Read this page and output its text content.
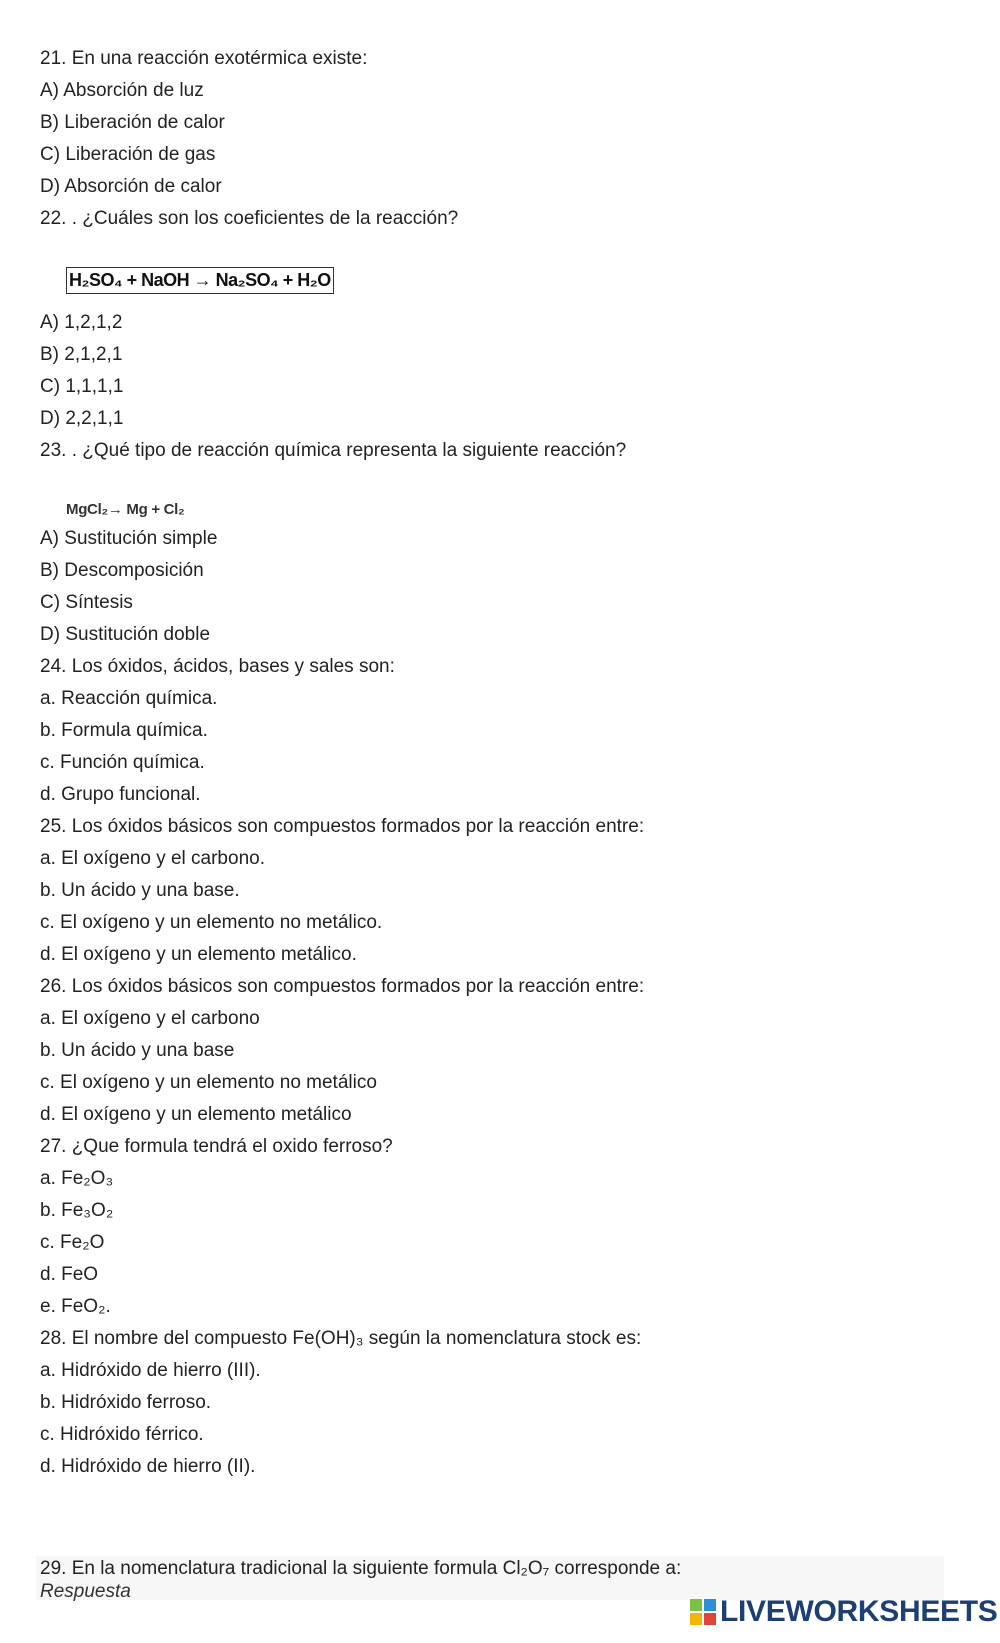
21. En una reacción exotérmica existe:
A) Absorción de luz
B) Liberación de calor
C) Liberación de gas
D) Absorción de calor
22. . ¿Cuáles son los coeficientes de la reacción?
H₂SO₄ + NaOH → Na₂SO₄ + H₂O
A) 1,2,1,2
B) 2,1,2,1
C) 1,1,1,1
D) 2,2,1,1
23. . ¿Qué tipo de reacción química representa la siguiente reacción?
MgCl₂→ Mg + Cl₂
A) Sustitución simple
B) Descomposición
C) Síntesis
D) Sustitución doble
24. Los óxidos, ácidos, bases y sales son:
a. Reacción química.
b. Formula química.
c. Función química.
d. Grupo funcional.
25. Los óxidos básicos son compuestos formados por la reacción entre:
a. El oxígeno y el carbono.
b. Un ácido y una base.
c. El oxígeno y un elemento no metálico.
d. El oxígeno y un elemento metálico.
26. Los óxidos básicos son compuestos formados por la reacción entre:
a. El oxígeno y el carbono
b. Un ácido y una base
c. El oxígeno y un elemento no metálico
d. El oxígeno y un elemento metálico
27. ¿Que formula tendrá el oxido ferroso?
a. Fe₂O₃
b. Fe₃O₂
c. Fe₂O
d. FeO
e. FeO₂.
28. El nombre del compuesto Fe(OH)₃ según la nomenclatura stock es:
a. Hidróxido de hierro (III).
b. Hidróxido ferroso.
c. Hidróxido férrico.
d. Hidróxido de hierro (II).
29. En la nomenclatura tradicional la siguiente formula Cl₂O₇ corresponde a:
Respuesta
LIVEWORKSHEETS
